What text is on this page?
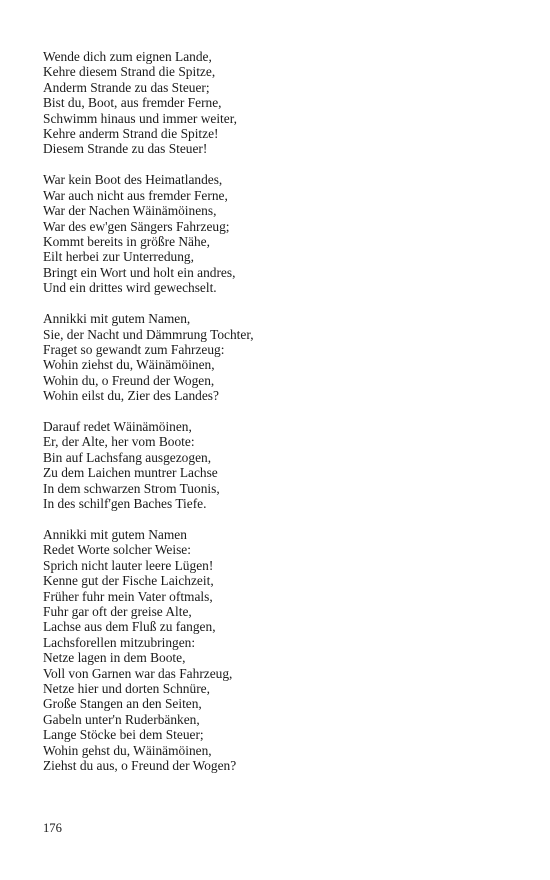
Wende dich zum eignen Lande,
Kehre diesem Strand die Spitze,
Anderm Strande zu das Steuer;
Bist du, Boot, aus fremder Ferne,
Schwimm hinaus und immer weiter,
Kehre anderm Strand die Spitze!
Diesem Strande zu das Steuer!
War kein Boot des Heimatlandes,
War auch nicht aus fremder Ferne,
War der Nachen Wäinämöinens,
War des ew'gen Sängers Fahrzeug;
Kommt bereits in größre Nähe,
Eilt herbei zur Unterredung,
Bringt ein Wort und holt ein andres,
Und ein drittes wird gewechselt.
Annikki mit gutem Namen,
Sie, der Nacht und Dämmrung Tochter,
Fraget so gewandt zum Fahrzeug:
Wohin ziehst du, Wäinämöinen,
Wohin du, o Freund der Wogen,
Wohin eilst du, Zier des Landes?
Darauf redet Wäinämöinen,
Er, der Alte, her vom Boote:
Bin auf Lachsfang ausgezogen,
Zu dem Laichen muntrer Lachse
In dem schwarzen Strom Tuonis,
In des schilf'gen Baches Tiefe.
Annikki mit gutem Namen
Redet Worte solcher Weise:
Sprich nicht lauter leere Lügen!
Kenne gut der Fische Laichzeit,
Früher fuhr mein Vater oftmals,
Fuhr gar oft der greise Alte,
Lachse aus dem Fluß zu fangen,
Lachsforellen mitzubringen:
Netze lagen in dem Boote,
Voll von Garnen war das Fahrzeug,
Netze hier und dorten Schnüre,
Große Stangen an den Seiten,
Gabeln unter'n Ruderbänken,
Lange Stöcke bei dem Steuer;
Wohin gehst du, Wäinämöinen,
Ziehst du aus, o Freund der Wogen?
176
